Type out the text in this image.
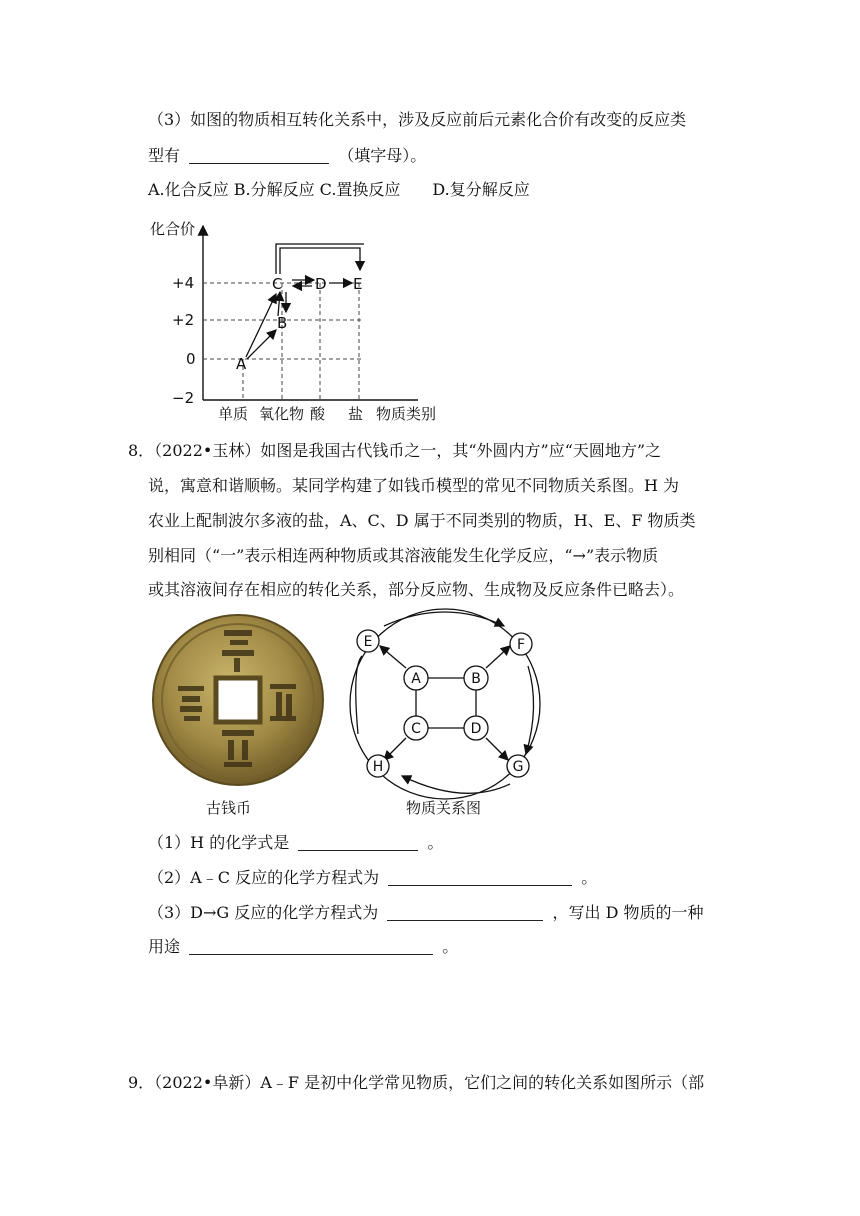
（3）如图的物质相互转化关系中，涉及反应前后元素化合价有改变的反应类
型有	（填字母）。
A.化合反应 B.分解反应 C.置换反应　　D.复分解反应
化合价
+4
+2
0
−2
单质 氧化物 酸 盐 物质类别
A
B
C D E
8．（2022•玉林）如图是我国古代钱币之一，其“外圆内方”应“天圆地方”之
说，寓意和谐顺畅。某同学构建了如钱币模型的常见不同物质关系图。H 为
农业上配制波尔多液的盐，A、C、D 属于不同类别的物质，H、E、F 物质类
别相同（“一”表示相连两种物质或其溶液能发生化学反应，“→”表示物质
或其溶液间存在相应的转化关系，部分反应物、生成物及反应条件已略去）。
古钱币
E	F
A	B
C	D
H	G
物质关系图
（1）H 的化学式是	。
（2）A﹣C 反应的化学方程式为	。
（3）D→G 反应的化学方程式为	，写出 D 物质的一种
用途	。
9．（2022•阜新）A﹣F 是初中化学常见物质，它们之间的转化关系如图所示（部
